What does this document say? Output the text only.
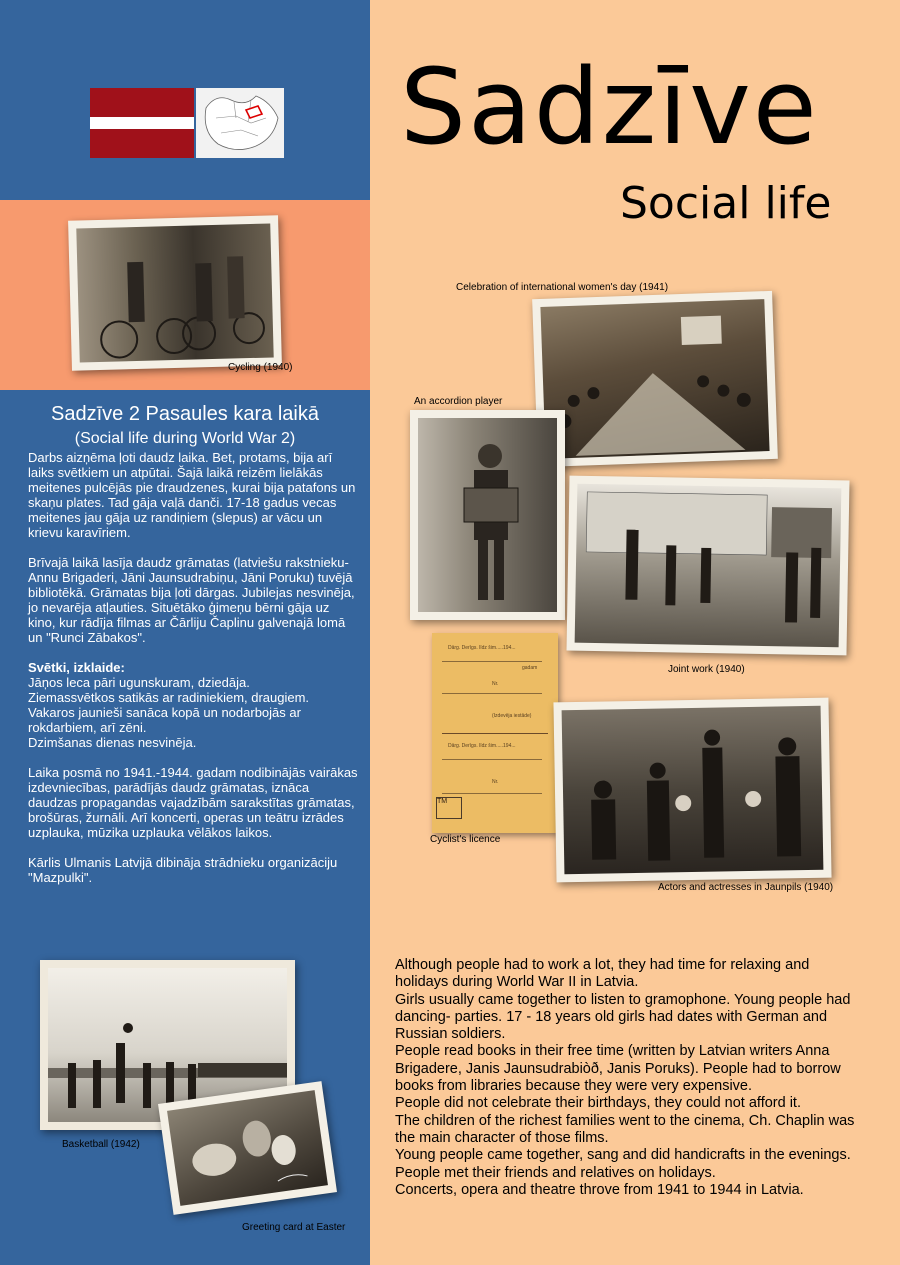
Sadzīve
Social life
Cycling (1940)
Celebration of international women's day (1941)
An accordion player
Joint work (1940)
Dārg. Derīgs. līdz šim.....194...
gadam
Nr.
(Izdevēja iestāde)
Dārg. Derīgs. līdz šim.....194...
Nr.
TM
Cyclist's licence
Actors and actresses in Jaunpils (1940)
Sadzīve 2 Pasaules kara laikā
(Social life during World War 2)

Darbs aizņēma ļoti daudz laika. Bet, protams, bija arī laiks svētkiem un atpūtai. Šajā laikā reizēm lielākās meitenes pulcējās pie draudzenes, kurai bija patafons un skaņu plates. Tad gāja vaļā danči. 17-18 gadus vecas meitenes jau gāja uz randiņiem (slepus) ar vācu un krievu karavīriem.

Brīvajā laikā lasīja daudz grāmatas (latviešu rakstnieku- Annu Brigaderi, Jāni Jaunsudrabiņu, Jāni Poruku) tuvējā bibliotēkā. Grāmatas bija ļoti dārgas. Jubilejas nesvinēja, jo nevarēja atļauties. Situētāko ģimeņu bērni gāja uz kino, kur rādīja filmas ar Čārliju Čaplinu galvenajā lomā un "Runci Zābakos".

Svētki, izklaide:

Jāņos leca pāri ugunskuram, dziedāja.
Ziemassvētkos satikās ar radiniekiem, draugiem.
Vakaros jaunieši sanāca kopā un nodarbojās ar rokdarbiem, arī zēni.

Dzimšanas dienas nesvinēja.

Laika posmā no 1941.-1944. gadam nodibinājās vairākas izdevniecības, parādījās daudz grāmatas, iznāca daudzas propagandas vajadzībām sarakstītas grāmatas, brošūras, žurnāli. Arī koncerti, operas un teātru izrādes uzplauka, mūzika uzplauka vēlākos laikos.

Kārlis Ulmanis Latvijā dibināja strādnieku organizāciju "Mazpulki".

Basketball (1942)
Greeting card at Easter

Although people had to work a lot, they had time for relaxing and holidays during World War II in Latvia.

Girls usually came together to listen to gramophone. Young people had dancing- parties. 17 - 18 years old girls had dates with German and Russian soldiers.

People read books in their free time (written by Latvian writers Anna Brigadere, Janis Jaunsudrabiòð, Janis Poruks). People had to borrow books from libraries because they were very expensive.

People did not celebrate their birthdays, they could not afford it.

The children of the richest families went to the cinema, Ch. Chaplin was the main character of those films.

Young people came together, sang and did handicrafts in the evenings. People met their friends and relatives on holidays.

Concerts, opera and theatre throve from 1941 to 1944 in Latvia.
